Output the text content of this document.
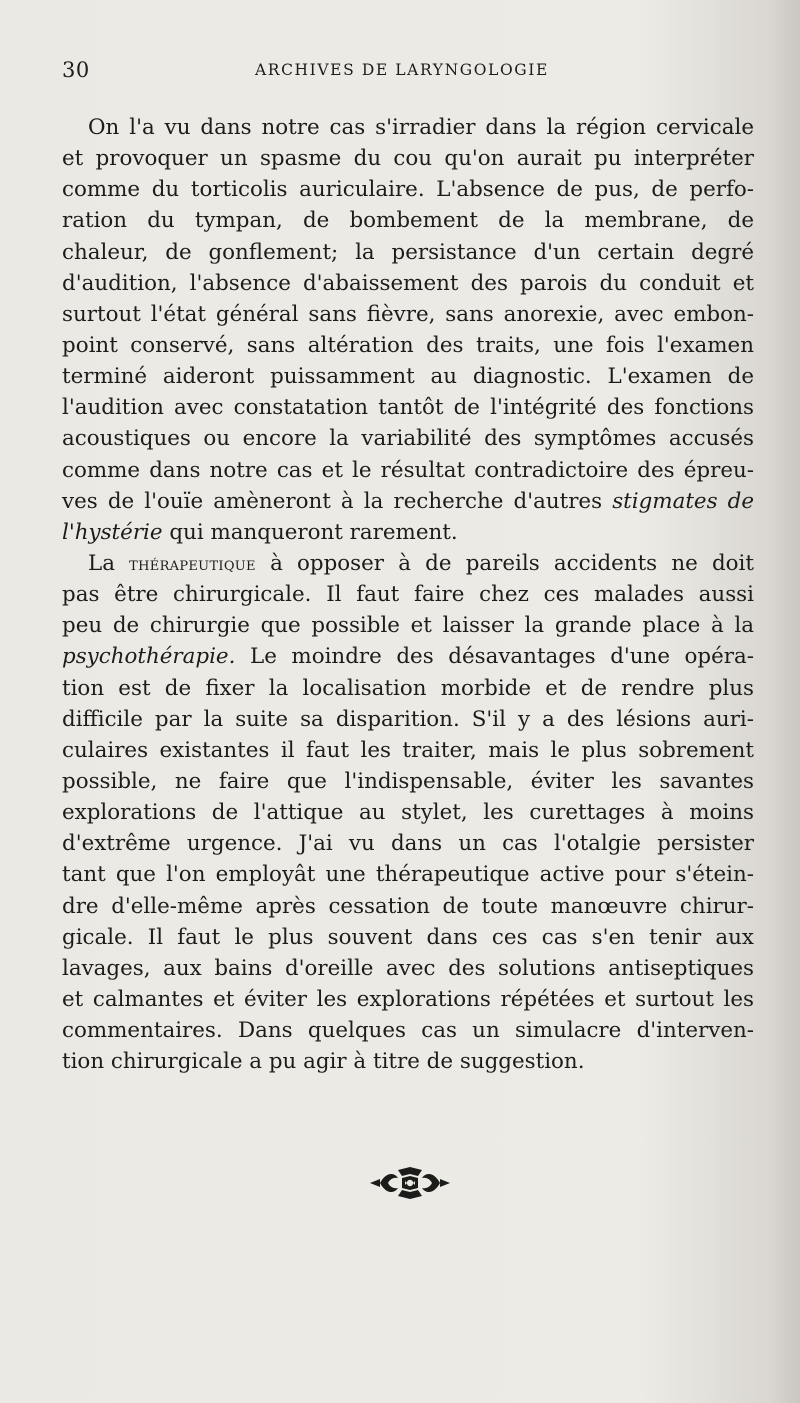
30	ARCHIVES DE LARYNGOLOGIE
On l'a vu dans notre cas s'irradier dans la région cervicale
et provoquer un spasme du cou qu'on aurait pu interpréter
comme du torticolis auriculaire. L'absence de pus, de perfo-
ration du tympan, de bombement de la membrane, de
chaleur, de gonflement; la persistance d'un certain degré
d'audition, l'absence d'abaissement des parois du conduit et
surtout l'état général sans fièvre, sans anorexie, avec embon-
point conservé, sans altération des traits, une fois l'examen
terminé aideront puissamment au diagnostic. L'examen de
l'audition avec constatation tantôt de l'intégrité des fonctions
acoustiques ou encore la variabilité des symptômes accusés
comme dans notre cas et le résultat contradictoire des épreu-
ves de l'ouïe amèneront à la recherche d'autres stigmates de
l'hystérie qui manqueront rarement.
La thérapeutique à opposer à de pareils accidents ne doit
pas être chirurgicale. Il faut faire chez ces malades aussi
peu de chirurgie que possible et laisser la grande place à la
psychothérapie. Le moindre des désavantages d'une opéra-
tion est de fixer la localisation morbide et de rendre plus
difficile par la suite sa disparition. S'il y a des lésions auri-
culaires existantes il faut les traiter, mais le plus sobrement
possible, ne faire que l'indispensable, éviter les savantes
explorations de l'attique au stylet, les curettages à moins
d'extrême urgence. J'ai vu dans un cas l'otalgie persister
tant que l'on employât une thérapeutique active pour s'étein-
dre d'elle-même après cessation de toute manœuvre chirur-
gicale. Il faut le plus souvent dans ces cas s'en tenir aux
lavages, aux bains d'oreille avec des solutions antiseptiques
et calmantes et éviter les explorations répétées et surtout les
commentaires. Dans quelques cas un simulacre d'interven-
tion chirurgicale a pu agir à titre de suggestion.
